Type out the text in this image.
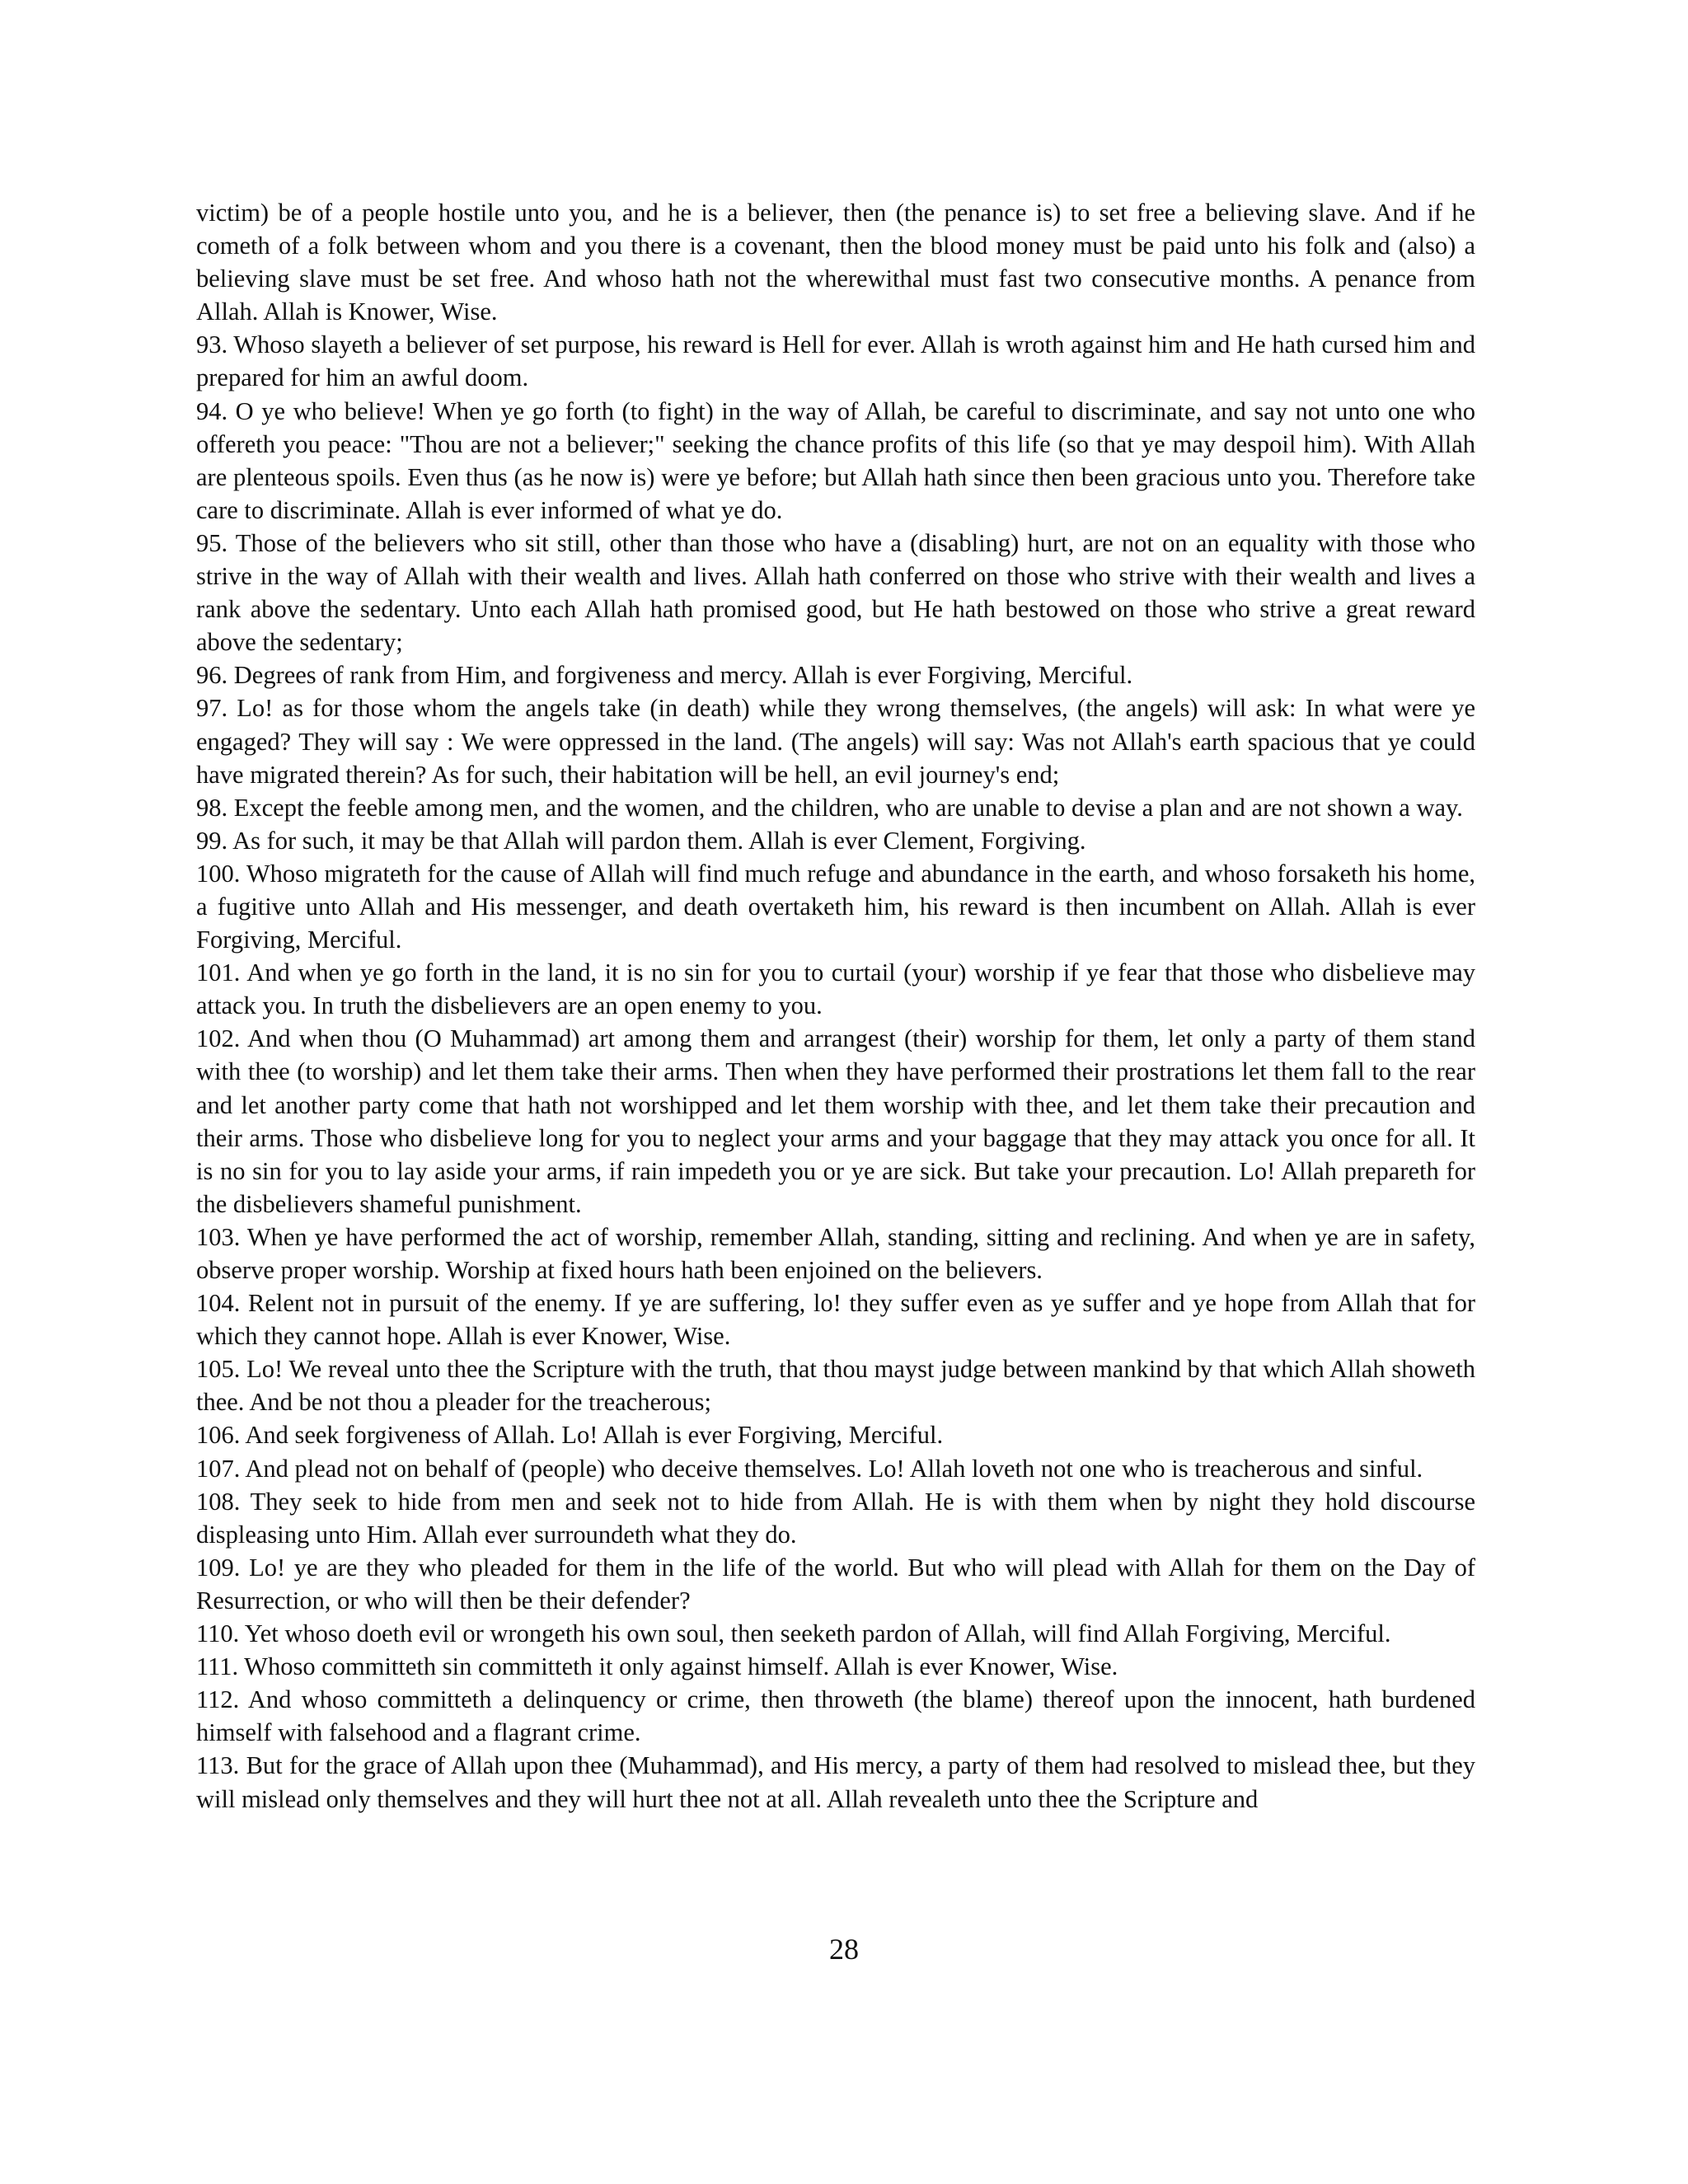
victim) be of a people hostile unto you, and he is a believer, then (the penance is) to set free a believing slave. And if he cometh of a folk between whom and you there is a covenant, then the blood money must be paid unto his folk and (also) a believing slave must be set free. And whoso hath not the wherewithal must fast two consecutive months. A penance from Allah. Allah is Knower, Wise.

93. Whoso slayeth a believer of set purpose, his reward is Hell for ever. Allah is wroth against him and He hath cursed him and prepared for him an awful doom.

94. O ye who believe! When ye go forth (to fight) in the way of Allah, be careful to discriminate, and say not unto one who offereth you peace: "Thou are not a believer;" seeking the chance profits of this life (so that ye may despoil him). With Allah are plenteous spoils. Even thus (as he now is) were ye before; but Allah hath since then been gracious unto you. Therefore take care to discriminate. Allah is ever informed of what ye do.

95. Those of the believers who sit still, other than those who have a (disabling) hurt, are not on an equality with those who strive in the way of Allah with their wealth and lives. Allah hath conferred on those who strive with their wealth and lives a rank above the sedentary. Unto each Allah hath promised good, but He hath bestowed on those who strive a great reward above the sedentary;

96. Degrees of rank from Him, and forgiveness and mercy. Allah is ever Forgiving, Merciful.

97. Lo! as for those whom the angels take (in death) while they wrong themselves, (the angels) will ask: In what were ye engaged? They will say : We were oppressed in the land. (The angels) will say: Was not Allah's earth spacious that ye could have migrated therein? As for such, their habitation will be hell, an evil journey's end;

98. Except the feeble among men, and the women, and the children, who are unable to devise a plan and are not shown a way.

99. As for such, it may be that Allah will pardon them. Allah is ever Clement, Forgiving.

100. Whoso migrateth for the cause of Allah will find much refuge and abundance in the earth, and whoso forsaketh his home, a fugitive unto Allah and His messenger, and death overtaketh him, his reward is then incumbent on Allah. Allah is ever Forgiving, Merciful.

101. And when ye go forth in the land, it is no sin for you to curtail (your) worship if ye fear that those who disbelieve may attack you. In truth the disbelievers are an open enemy to you.

102. And when thou (O Muhammad) art among them and arrangest (their) worship for them, let only a party of them stand with thee (to worship) and let them take their arms. Then when they have performed their prostrations let them fall to the rear and let another party come that hath not worshipped and let them worship with thee, and let them take their precaution and their arms. Those who disbelieve long for you to neglect your arms and your baggage that they may attack you once for all. It is no sin for you to lay aside your arms, if rain impedeth you or ye are sick. But take your precaution. Lo! Allah prepareth for the disbelievers shameful punishment.

103. When ye have performed the act of worship, remember Allah, standing, sitting and reclining. And when ye are in safety, observe proper worship. Worship at fixed hours hath been enjoined on the believers.

104. Relent not in pursuit of the enemy. If ye are suffering, lo! they suffer even as ye suffer and ye hope from Allah that for which they cannot hope. Allah is ever Knower, Wise.

105. Lo! We reveal unto thee the Scripture with the truth, that thou mayst judge between mankind by that which Allah showeth thee. And be not thou a pleader for the treacherous;

106. And seek forgiveness of Allah. Lo! Allah is ever Forgiving, Merciful.

107. And plead not on behalf of (people) who deceive themselves. Lo! Allah loveth not one who is treacherous and sinful.

108. They seek to hide from men and seek not to hide from Allah. He is with them when by night they hold discourse displeasing unto Him. Allah ever surroundeth what they do.

109. Lo! ye are they who pleaded for them in the life of the world. But who will plead with Allah for them on the Day of Resurrection, or who will then be their defender?

110. Yet whoso doeth evil or wrongeth his own soul, then seeketh pardon of Allah, will find Allah Forgiving, Merciful.

111. Whoso committeth sin committeth it only against himself. Allah is ever Knower, Wise.

112. And whoso committeth a delinquency or crime, then throweth (the blame) thereof upon the innocent, hath burdened himself with falsehood and a flagrant crime.

113. But for the grace of Allah upon thee (Muhammad), and His mercy, a party of them had resolved to mislead thee, but they will mislead only themselves and they will hurt thee not at all. Allah revealeth unto thee the Scripture and

28
